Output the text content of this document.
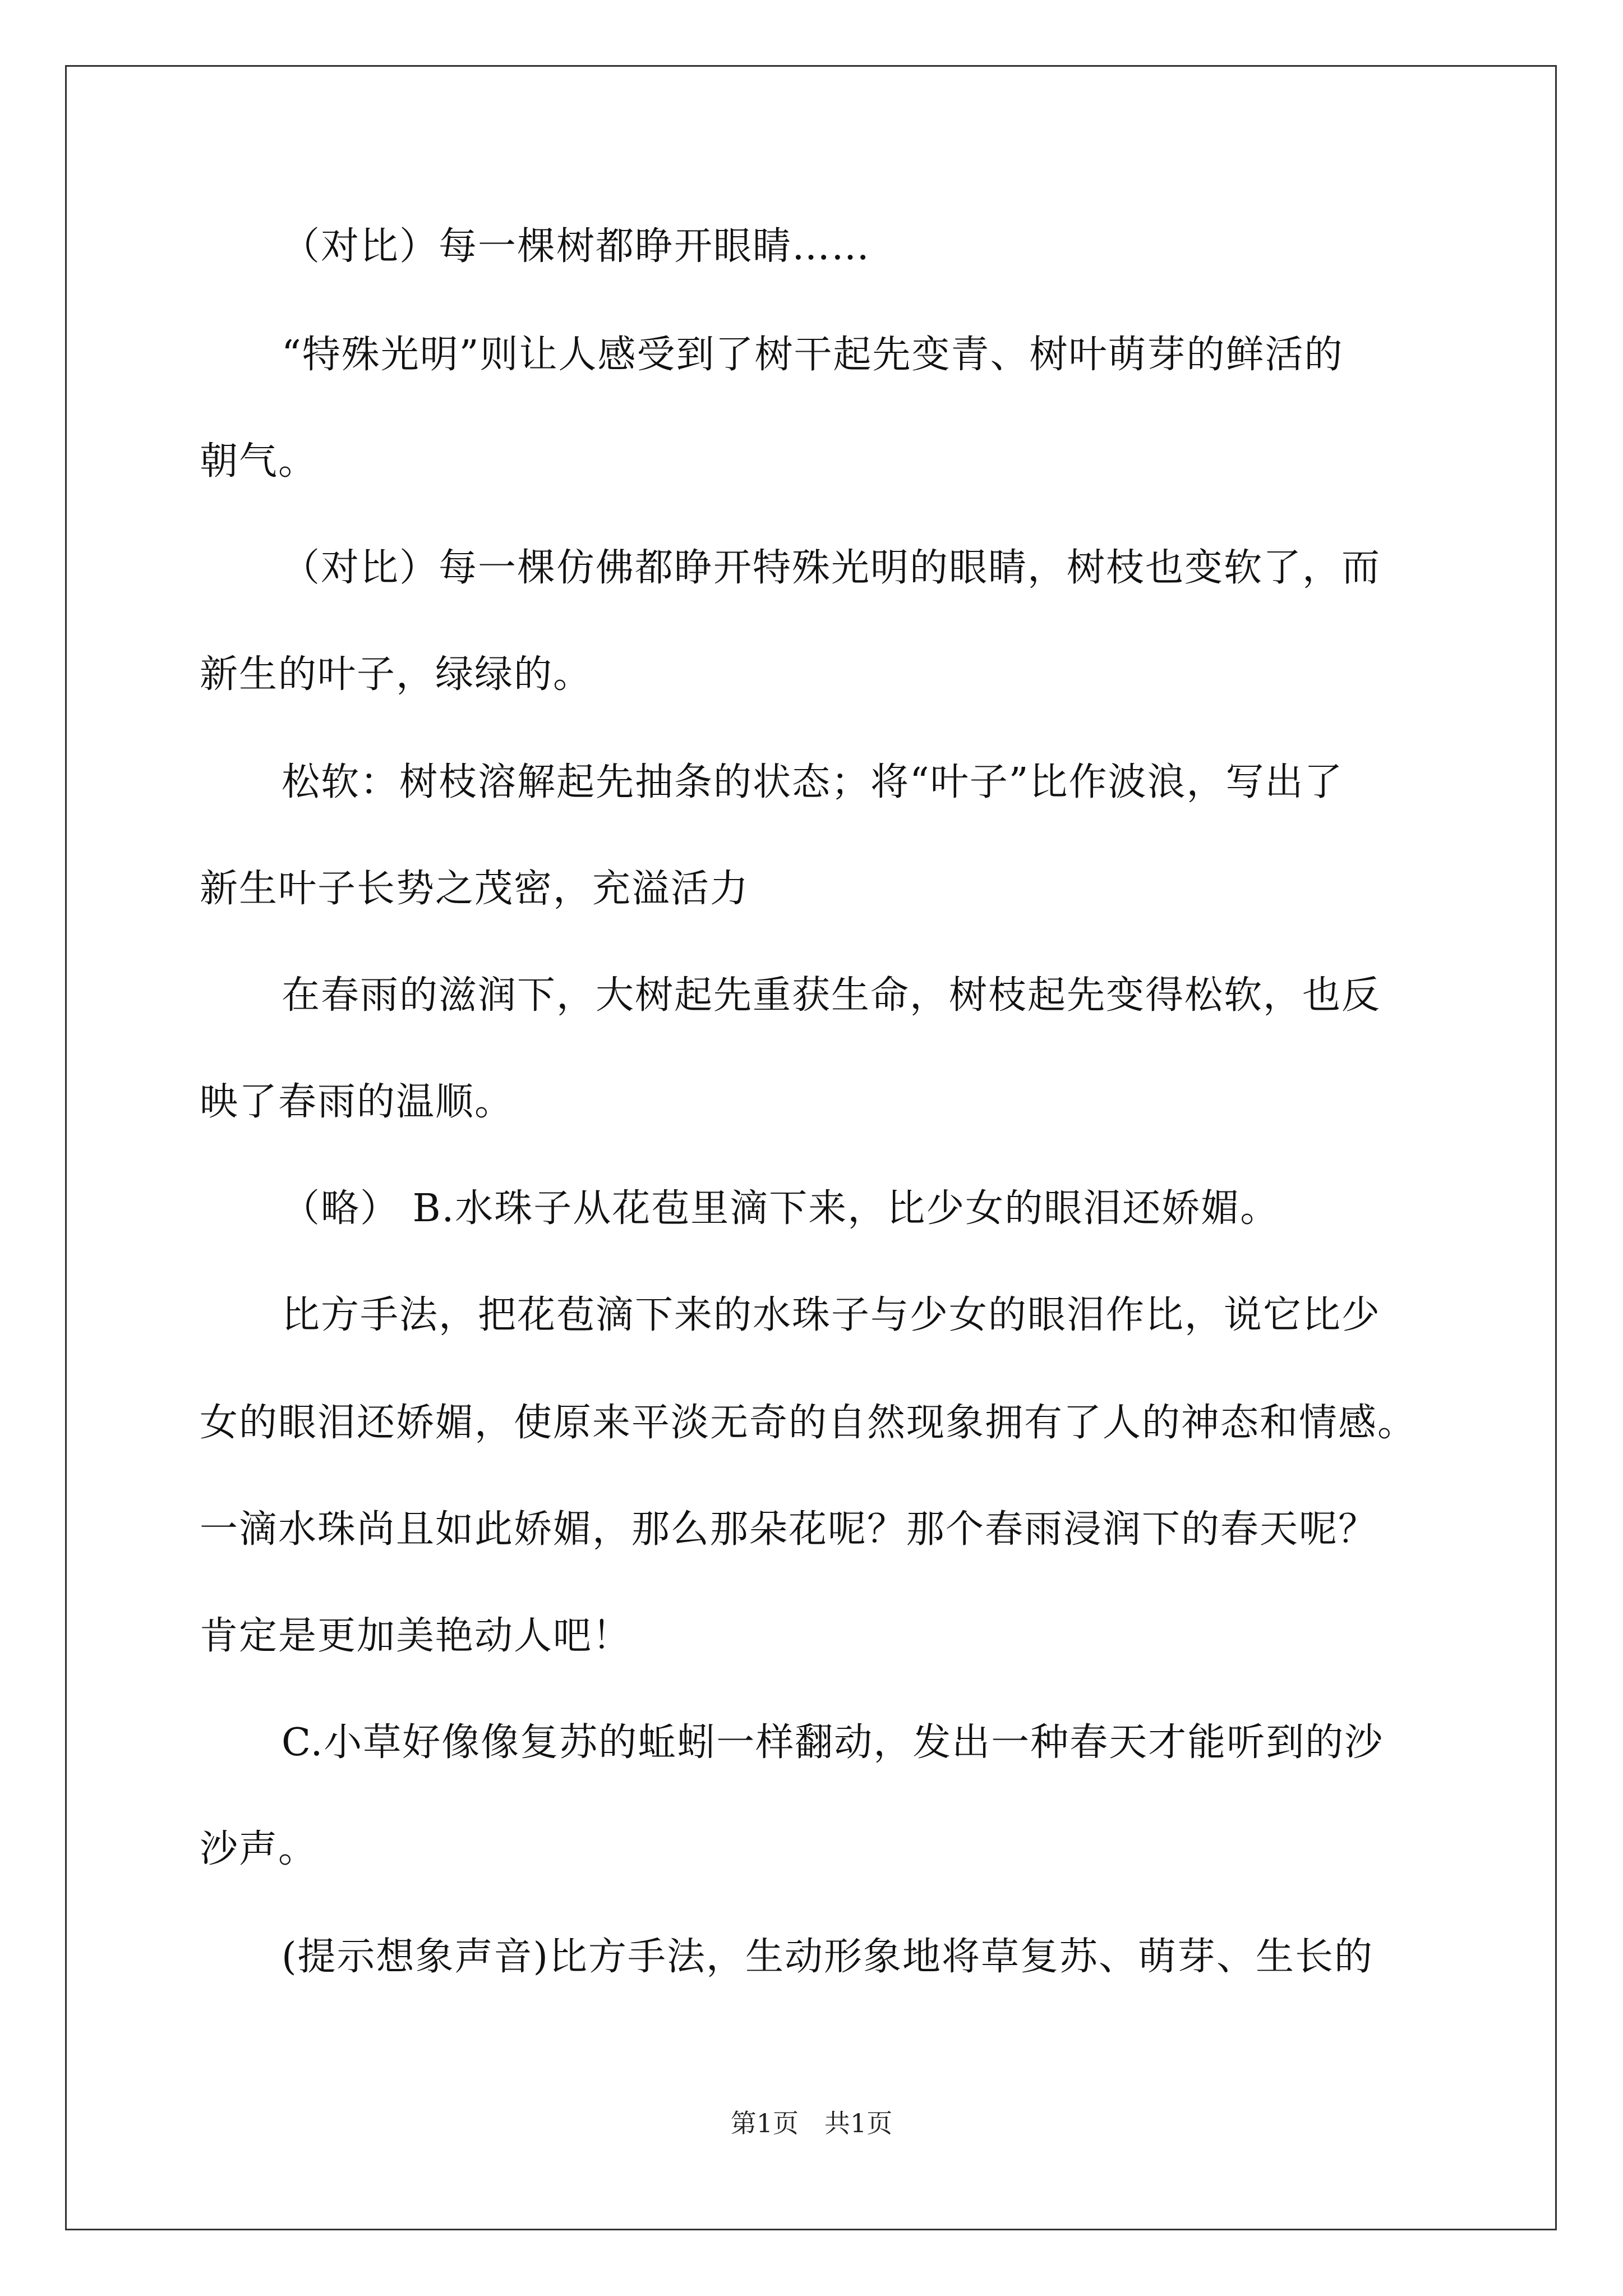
（对比）每一棵树都睁开眼睛……
“特殊光明”则让人感受到了树干起先变青、树叶萌芽的鲜活的
朝气。
（对比）每一棵仿佛都睁开特殊光明的眼睛，树枝也变软了，而
新生的叶子，绿绿的。
松软：树枝溶解起先抽条的状态；将“叶子”比作波浪，写出了
新生叶子长势之茂密，充溢活力
在春雨的滋润下，大树起先重获生命，树枝起先变得松软，也反
映了春雨的温顺。
（略） B.水珠子从花苞里滴下来，比少女的眼泪还娇媚。
比方手法，把花苞滴下来的水珠子与少女的眼泪作比，说它比少
女的眼泪还娇媚，使原来平淡无奇的自然现象拥有了人的神态和情感。
一滴水珠尚且如此娇媚，那么那朵花呢？那个春雨浸润下的春天呢？
肯定是更加美艳动人吧！
C.小草好像像复苏的蚯蚓一样翻动，发出一种春天才能听到的沙
沙声。
(提示想象声音)比方手法，生动形象地将草复苏、萌芽、生长的
第1页　共1页
